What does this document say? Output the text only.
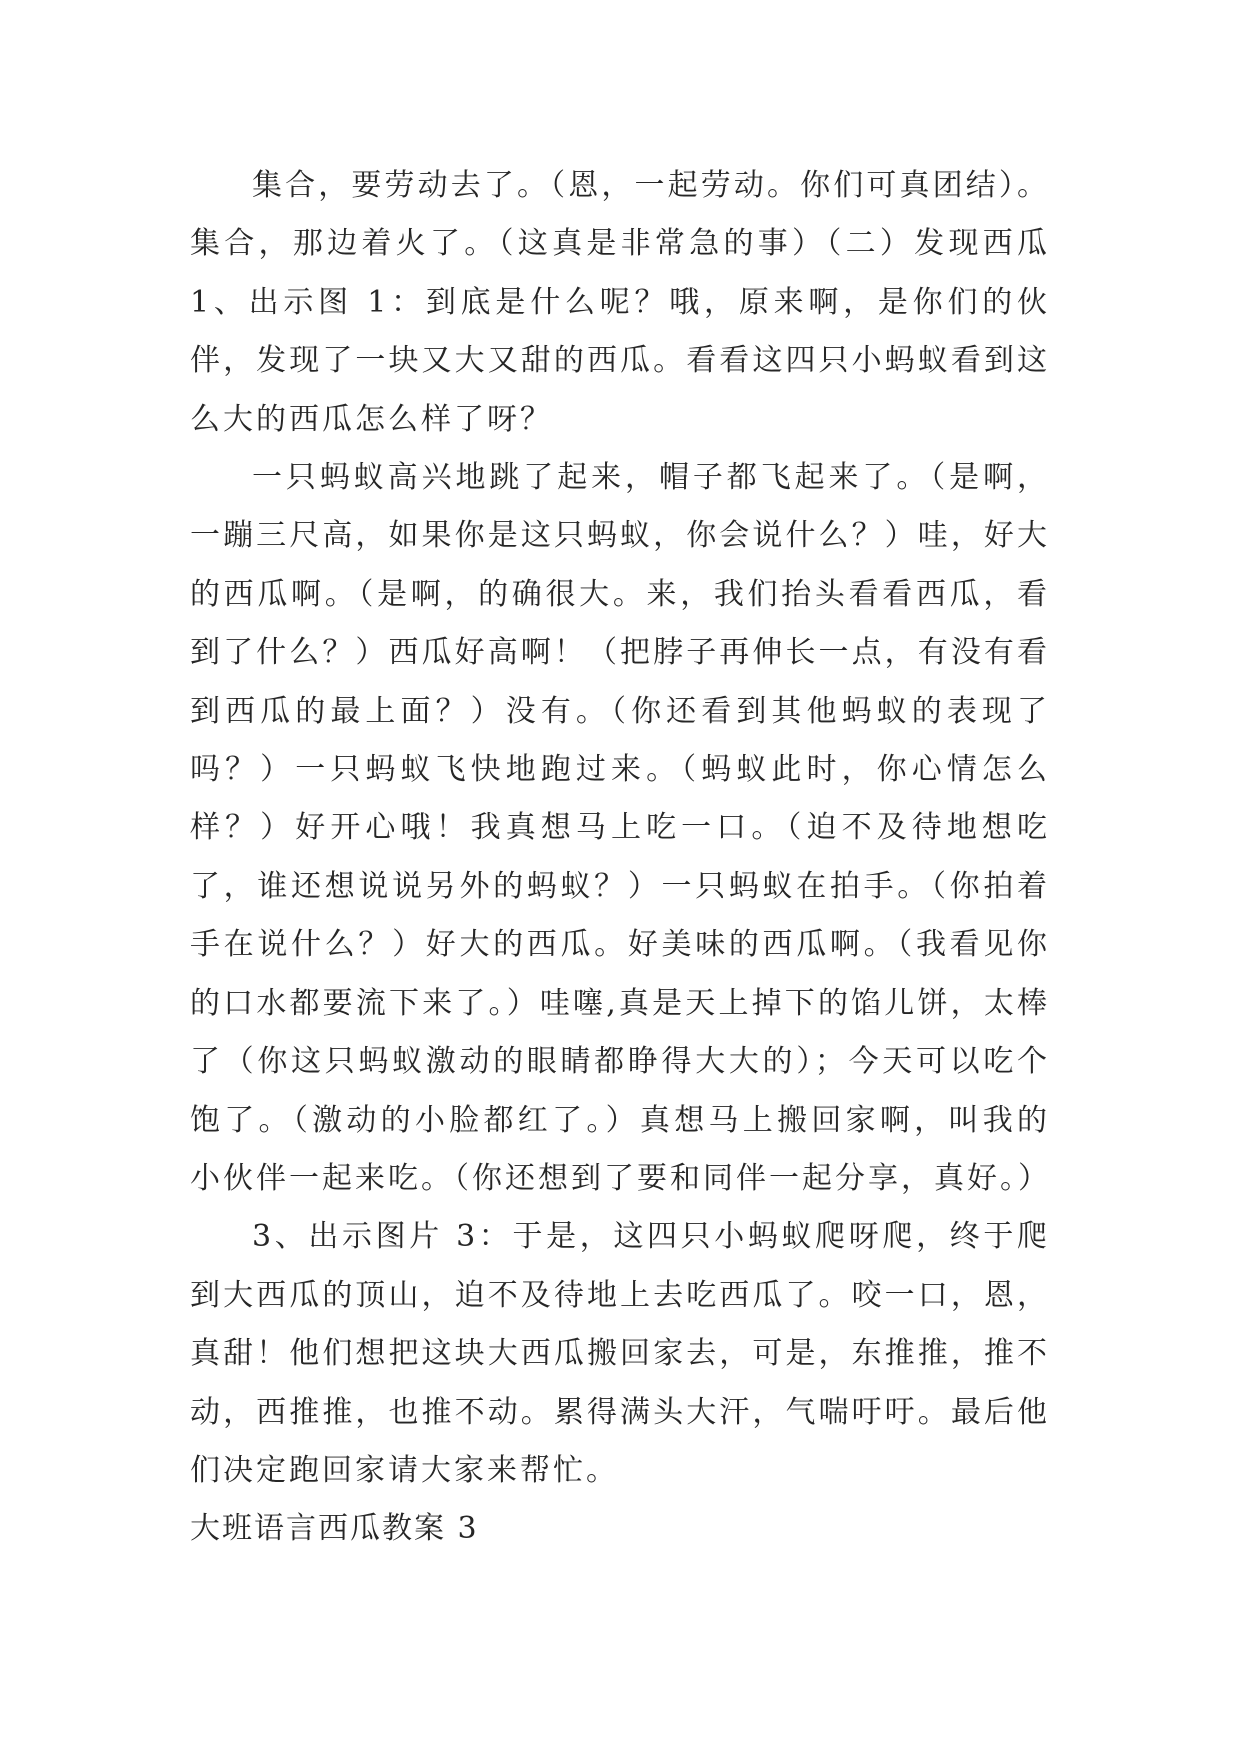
集合，要劳动去了。（恩，一起劳动。你们可真团结）。集合，那边着火了。（这真是非常急的事）（二）发现西瓜 1、出示图 1：到底是什么呢？哦，原来啊，是你们的伙伴，发现了一块又大又甜的西瓜。看看这四只小蚂蚁看到这么大的西瓜怎么样了呀？

一只蚂蚁高兴地跳了起来，帽子都飞起来了。（是啊，一蹦三尺高，如果你是这只蚂蚁，你会说什么？）哇，好大的西瓜啊。（是啊，的确很大。来，我们抬头看看西瓜，看到了什么？）西瓜好高啊！（把脖子再伸长一点，有没有看到西瓜的最上面？）没有。（你还看到其他蚂蚁的表现了吗？）一只蚂蚁飞快地跑过来。（蚂蚁此时，你心情怎么样？）好开心哦！我真想马上吃一口。（迫不及待地想吃了，谁还想说说另外的蚂蚁？）一只蚂蚁在拍手。（你拍着手在说什么？）好大的西瓜。好美味的西瓜啊。（我看见你的口水都要流下来了。）哇噻,真是天上掉下的馅儿饼，太棒了（你这只蚂蚁激动的眼睛都睁得大大的）；今天可以吃个饱了。（激动的小脸都红了。）真想马上搬回家啊，叫我的小伙伴一起来吃。（你还想到了要和同伴一起分享，真好。）

3、出示图片 3：于是，这四只小蚂蚁爬呀爬，终于爬到大西瓜的顶山，迫不及待地上去吃西瓜了。咬一口，恩，真甜！他们想把这块大西瓜搬回家去，可是，东推推，推不动，西推推，也推不动。累得满头大汗，气喘吁吁。最后他们决定跑回家请大家来帮忙。

大班语言西瓜教案 3
